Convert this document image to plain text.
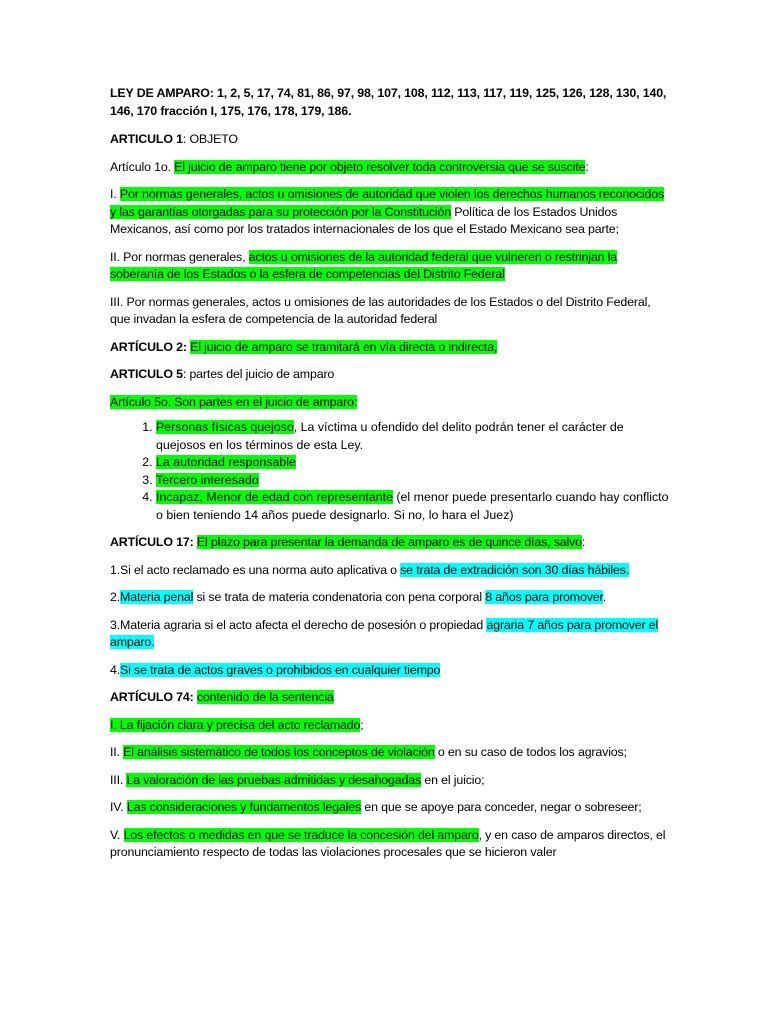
LEY DE AMPARO: 1, 2, 5, 17, 74, 81, 86, 97, 98, 107, 108, 112, 113, 117, 119, 125, 126, 128, 130, 140, 146, 170 fracción I, 175, 176, 178, 179, 186.

ARTICULO 1: OBJETO

Artículo 1o. El juicio de amparo tiene por objeto resolver toda controversia que se suscite:

I. Por normas generales, actos u omisiones de autoridad que violen los derechos humanos reconocidos y las garantías otorgadas para su protección por la Constitución Política de los Estados Unidos Mexicanos, así como por los tratados internacionales de los que el Estado Mexicano sea parte;

II. Por normas generales, actos u omisiones de la autoridad federal que vulneren o restrinjan la soberanía de los Estados o la esfera de competencias del Distrito Federal

III. Por normas generales, actos u omisiones de las autoridades de los Estados o del Distrito Federal, que invadan la esfera de competencia de la autoridad federal

ARTÍCULO 2: El juicio de amparo se tramitará en vía directa o indirecta,

ARTICULO 5: partes del juicio de amparo

Artículo 5o. Son partes en el juicio de amparo:

1. Personas físicas quejoso, La víctima u ofendido del delito podrán tener el carácter de quejosos en los términos de esta Ley.
2. La autoridad responsable
3. Tercero interesado
4. Incapaz, Menor de edad con representante (el menor puede presentarlo cuando hay conflicto o bien teniendo 14 años puede designarlo. Si no, lo hara el Juez)

ARTÍCULO 17: El plazo para presentar la demanda de amparo es de quince días, salvo:

1.Si el acto reclamado es una norma auto aplicativa o se trata de extradición son 30 días hábiles.

2.Materia penal si se trata de materia condenatoria con pena corporal 8 años para promover.

3.Materia agraria si el acto afecta el derecho de posesión o propiedad agraria 7 años para promover el amparo.

4.Si se trata de actos graves o prohibidos en cualquier tiempo

ARTÍCULO 74: contenido de la sentencia

I. La fijación clara y precisa del acto reclamado;

II. El análisis sistemático de todos los conceptos de violación o en su caso de todos los agravios;

III. La valoración de las pruebas admitidas y desahogadas en el juicio;

IV. Las consideraciones y fundamentos legales en que se apoye para conceder, negar o sobreseer;

V. Los efectos o medidas en que se traduce la concesión del amparo, y en caso de amparos directos, el pronunciamiento respecto de todas las violaciones procesales que se hicieron valer
